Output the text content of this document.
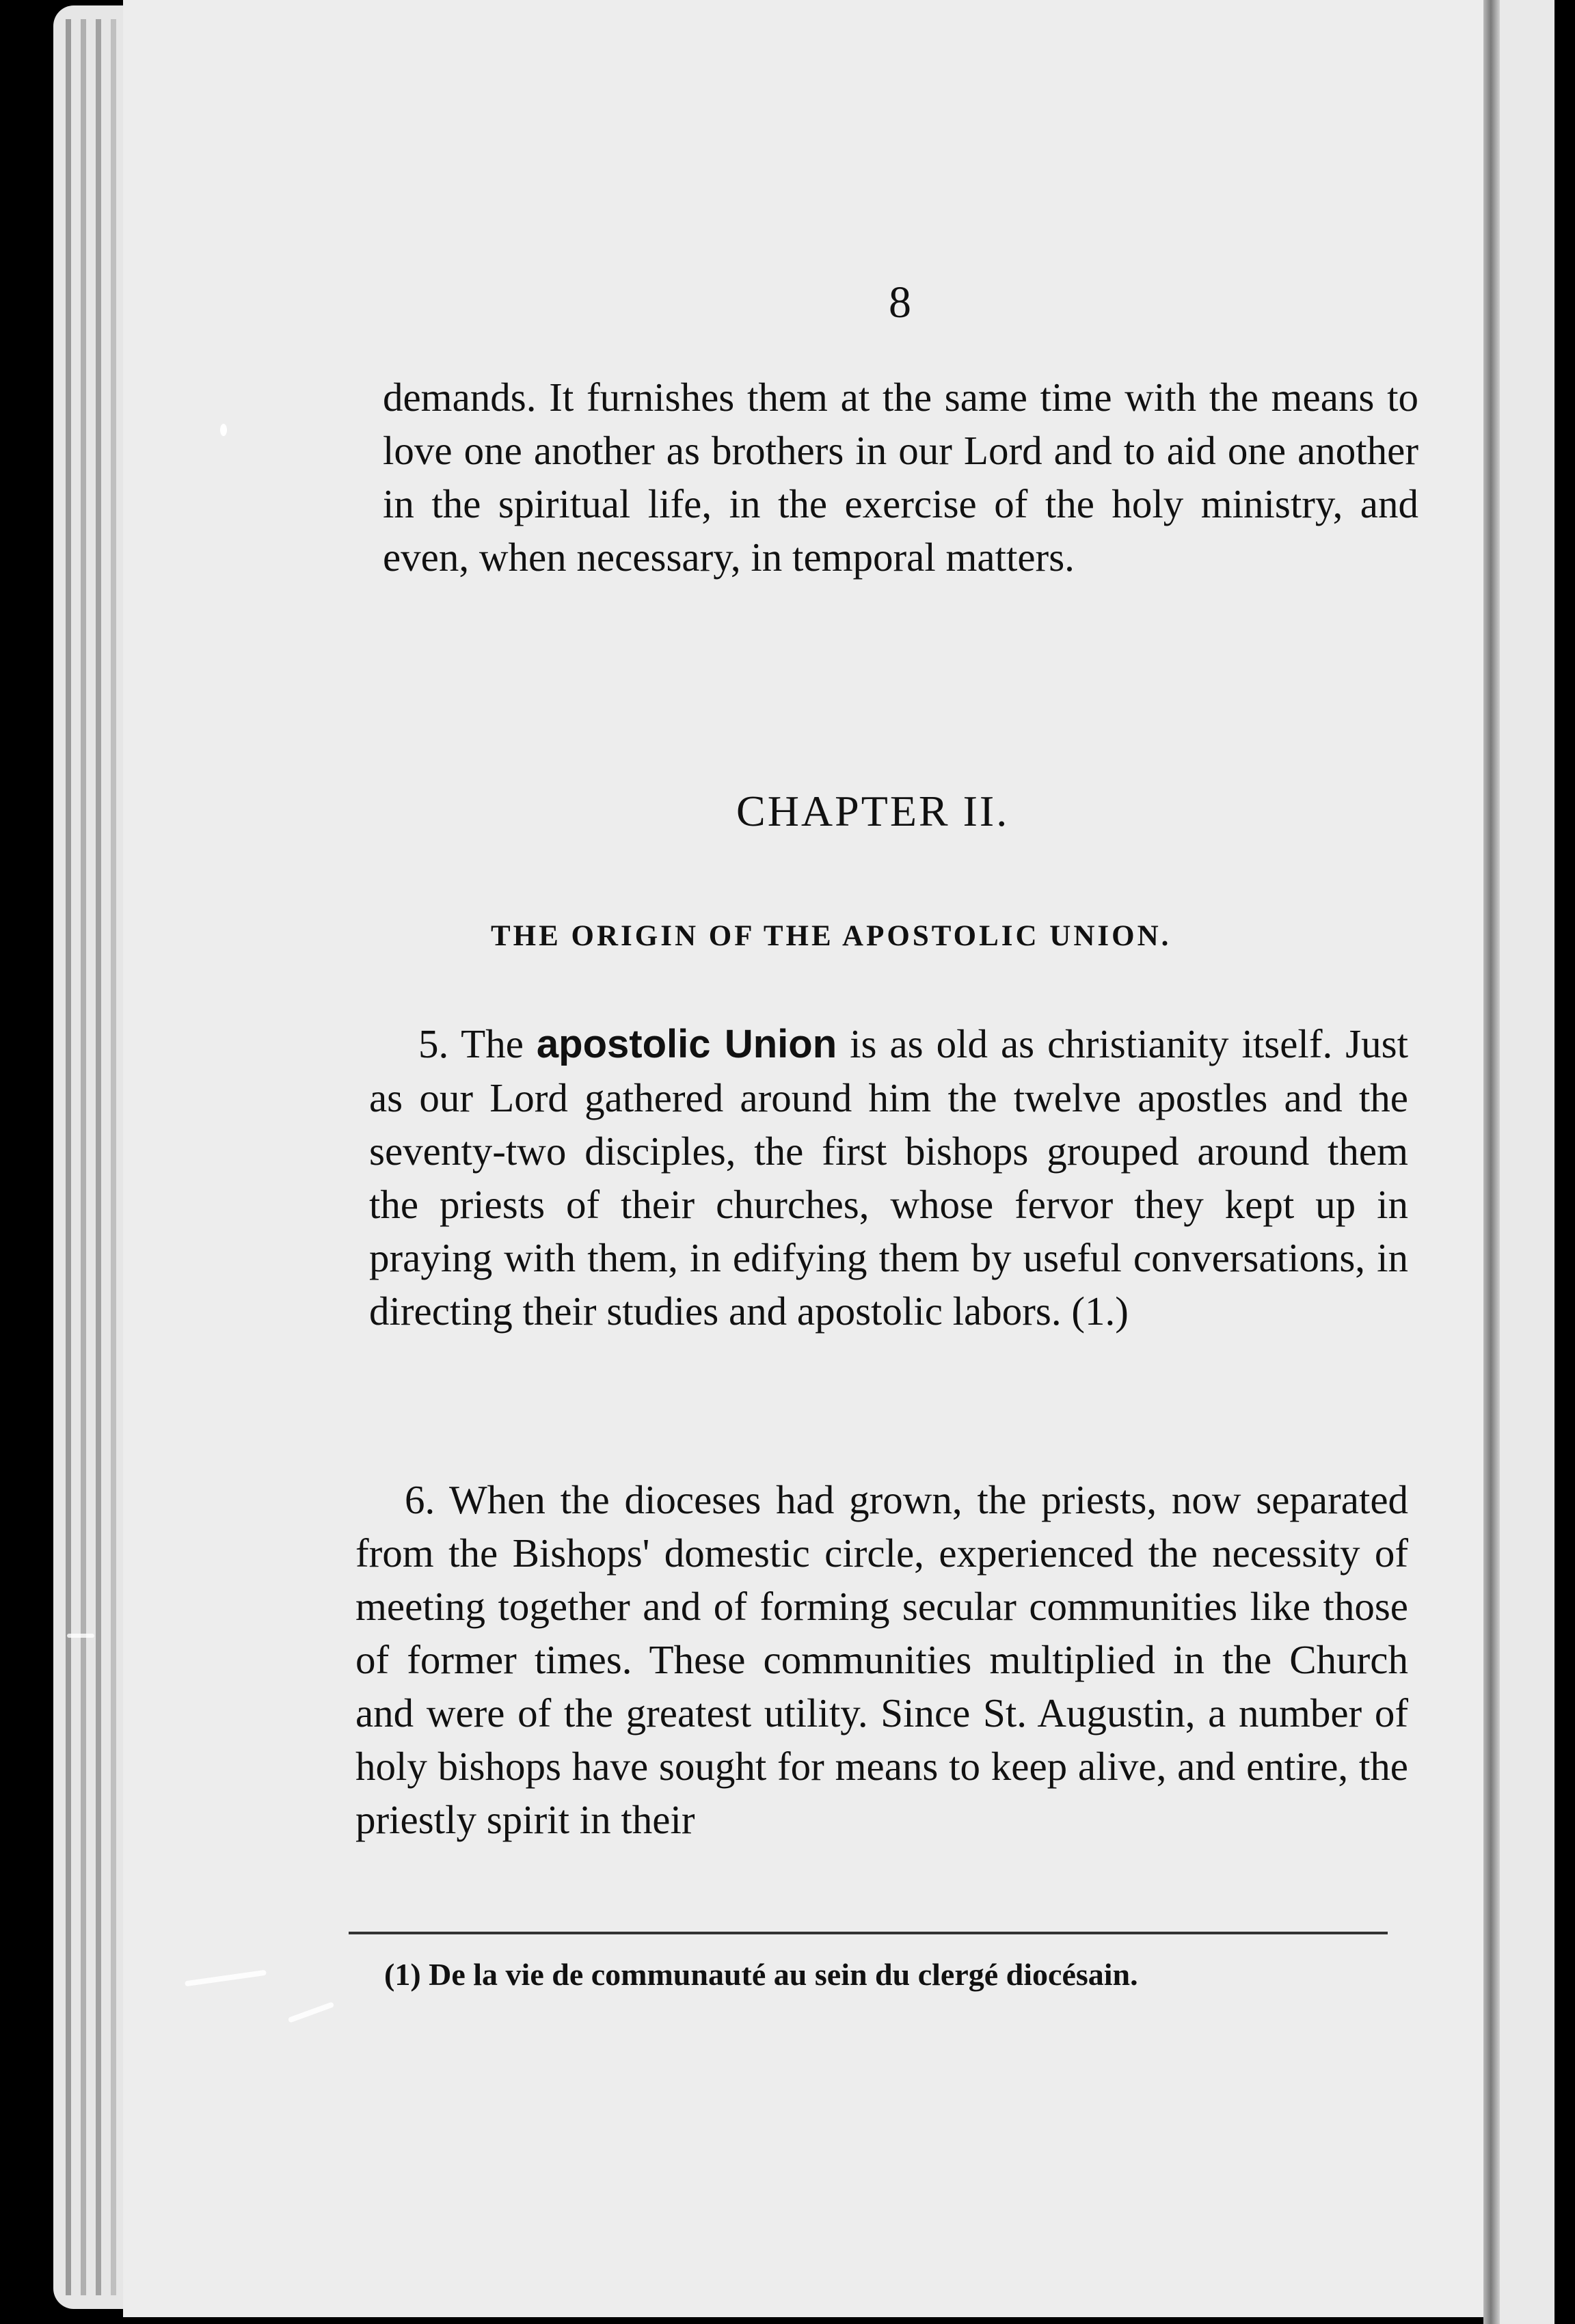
8

demands. It furnishes them at the same time with the means to love one another as brothers in our Lord and to aid one another in the spiritual life, in the exercise of the holy ministry, and even, when necessary, in temporal matters.

CHAPTER II.
THE ORIGIN OF THE APOSTOLIC UNION.

5. The apostolic Union is as old as christianity itself. Just as our Lord gathered around him the twelve apostles and the seventy-two disciples, the first bishops grouped around them the priests of their churches, whose fervor they kept up in praying with them, in edifying them by useful conversations, in directing their studies and apostolic labors. (1.)

6. When the dioceses had grown, the priests, now separated from the Bishops' domestic circle, experienced the necessity of meeting together and of forming secular communities like those of former times. These communities multiplied in the Church and were of the greatest utility. Since St. Augustin, a number of holy bishops have sought for means to keep alive, and entire, the priestly spirit in their

(1) De la vie de communauté au sein du clergé diocésain.
